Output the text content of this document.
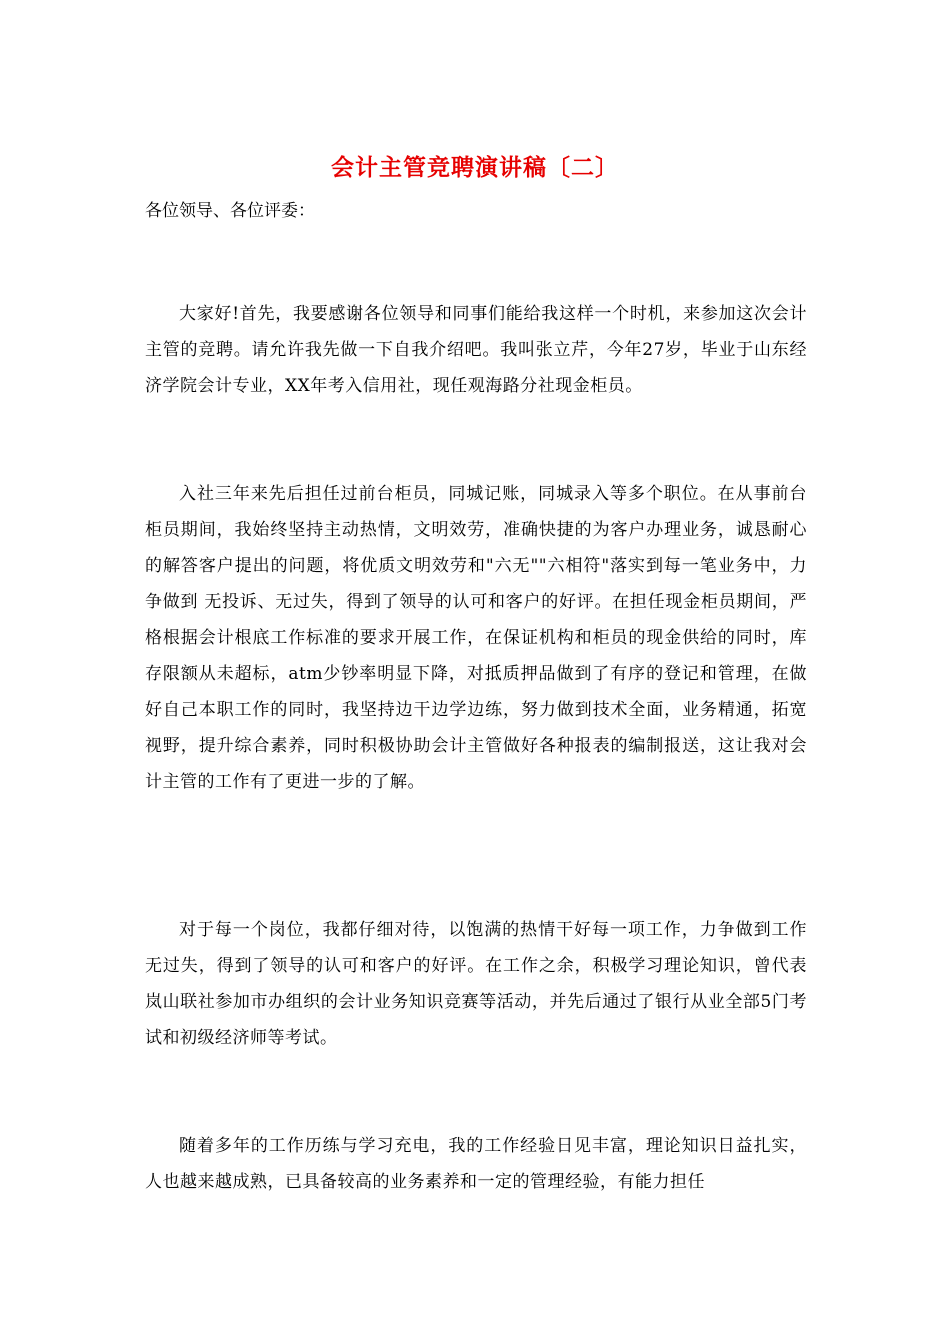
会计主管竞聘演讲稿〔二〕

各位领导、各位评委：

大家好!首先，我要感谢各位领导和同事们能给我这样一个时机，来参加这次会计主管的竞聘。请允许我先做一下自我介绍吧。我叫张立芹，今年27岁，毕业于山东经济学院会计专业，XX年考入信用社，现任观海路分社现金柜员。

入社三年来先后担任过前台柜员，同城记账，同城录入等多个职位。在从事前台柜员期间，我始终坚持主动热情，文明效劳，准确快捷的为客户办理业务，诚恳耐心的解答客户提出的问题，将优质文明效劳和"六无""六相符"落实到每一笔业务中，力争做到 无投诉、无过失，得到了领导的认可和客户的好评。在担任现金柜员期间，严格根据会计根底工作标准的要求开展工作，在保证机构和柜员的现金供给的同时，库存限额从未超标，atm少钞率明显下降，对抵质押品做到了有序的登记和管理，在做好自己本职工作的同时，我坚持边干边学边练，努力做到技术全面，业务精通，拓宽视野，提升综合素养，同时积极协助会计主管做好各种报表的编制报送，这让我对会计主管的工作有了更进一步的了解。

对于每一个岗位，我都仔细对待，以饱满的热情干好每一项工作，力争做到工作无过失，得到了领导的认可和客户的好评。在工作之余，积极学习理论知识，曾代表岚山联社参加市办组织的会计业务知识竞赛等活动，并先后通过了银行从业全部5门考试和初级经济师等考试。

随着多年的工作历练与学习充电，我的工作经验日见丰富，理论知识日益扎实，人也越来越成熟，已具备较高的业务素养和一定的管理经验，有能力担任
